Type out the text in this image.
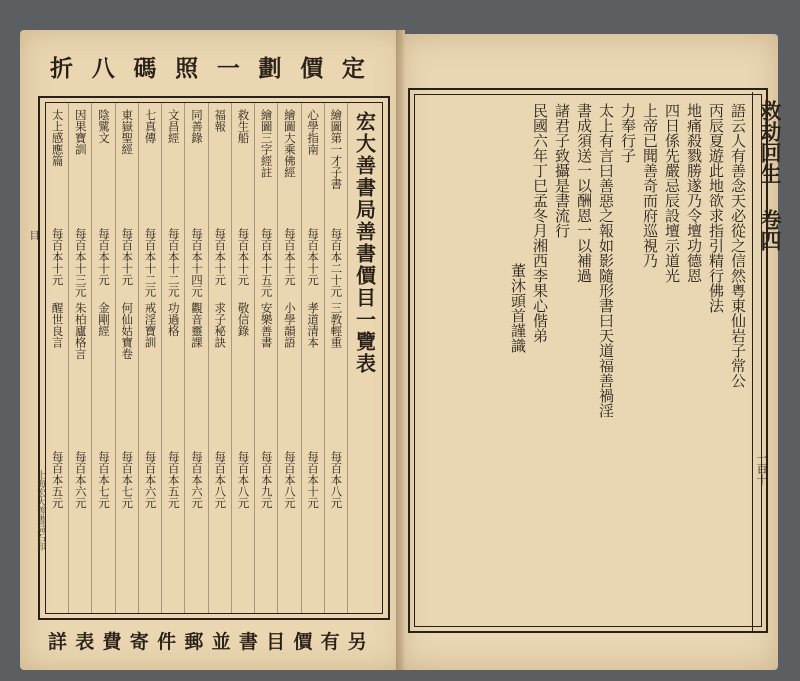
定
價
劃
一
照
碼
八
折
宏大善書局善書價目一覽表
繪圖第一才子書
每百本二十元
三教輕重
每百本八元
心學指南
每百本十元
孝道清本
每百本十元
繪圖大乘佛經
每百本十元
小學韻語
每百本八元
繪圖三字經註
每百本十五元
安樂善書
每百本九元
救生船
每百本十元
敬信錄
每百本八元
福報
每百本十元
求子秘訣
每百本八元
同善錄
每百本十四元
觀音靈課
每百本六元
文昌經
每百本十二元
功過格
每百本五元
七真傳
每百本十二元
戒淫寶訓
每百本六元
東嶽聖經
每百本十元
何仙姑寶卷
每百本七元
陰騭文
每百本十元
金剛經
每百本七元
因果寶訓
每百本十三元
朱柏廬格言
每百本六元
太上感應篇
每百本十元
醒世良言
每百本五元
目
上海宏大善書局石印
另
有
價
目
書
並
郵
件
寄
費
表
詳
語云人有善念天必從之信然粤東仙岩子常公
丙辰夏遊此地欲求指引精行佛法
地痛殺戮勝遂乃令壇功德恩
四日係先嚴忌辰設壇示道光
上帝已聞善奇而府巡視乃
力奉行子
太上有言曰善惡之報如影隨形書曰天道福善禍淫
書成須送一以酬恩一以補過
諸君子致攝是書流行
民國六年丁巳孟冬月湘西李果心偕弟
董沐頭首謹識
救劫回生 卷四
一百十
